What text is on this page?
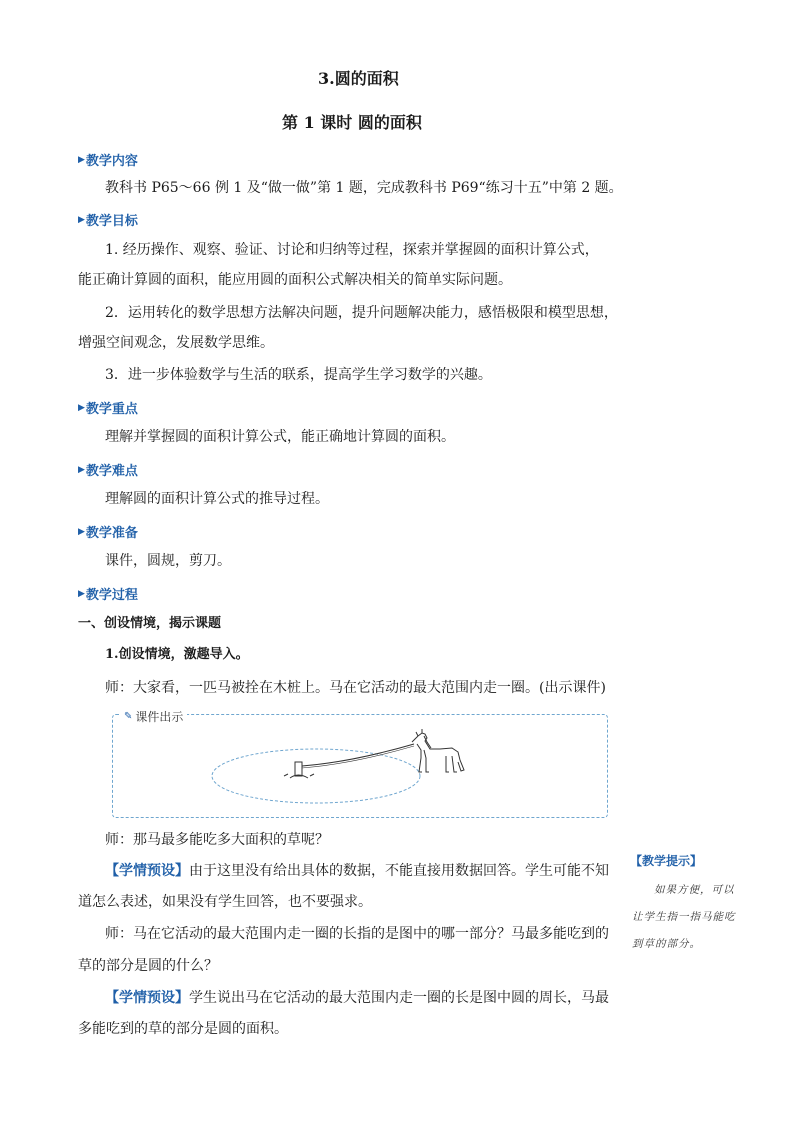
3.圆的面积
第 1 课时 圆的面积
▶ 教学内容
教科书 P65～66 例 1 及“做一做”第 1 题，完成教科书 P69“练习十五”中第 2 题。
▶ 教学目标
1. 经历操作、观察、验证、讨论和归纳等过程，探索并掌握圆的面积计算公式，
能正确计算圆的面积，能应用圆的面积公式解决相关的简单实际问题。
2．运用转化的数学思想方法解决问题，提升问题解决能力，感悟极限和模型思想，
增强空间观念，发展数学思维。
3．进一步体验数学与生活的联系，提高学生学习数学的兴趣。
▶ 教学重点
理解并掌握圆的面积计算公式，能正确地计算圆的面积。
▶ 教学难点
理解圆的面积计算公式的推导过程。
▶ 教学准备
课件，圆规，剪刀。
▶ 教学过程
一、创设情境，揭示课题
1.创设情境，激趣导入。
师：大家看，一匹马被拴在木桩上。马在它活动的最大范围内走一圈。(出示课件)
✎ 课件出示
师：那马最多能吃多大面积的草呢？
【学情预设】由于这里没有给出具体的数据，不能直接用数据回答。学生可能不知
道怎么表述，如果没有学生回答，也不要强求。
师：马在它活动的最大范围内走一圈的长指的是图中的哪一部分？马最多能吃到的
草的部分是圆的什么？
【学情预设】学生说出马在它活动的最大范围内走一圈的长是图中圆的周长，马最
多能吃到的草的部分是圆的面积。
【教学提示】
如果方便，可以
让学生指一指马能吃
到草的部分。
